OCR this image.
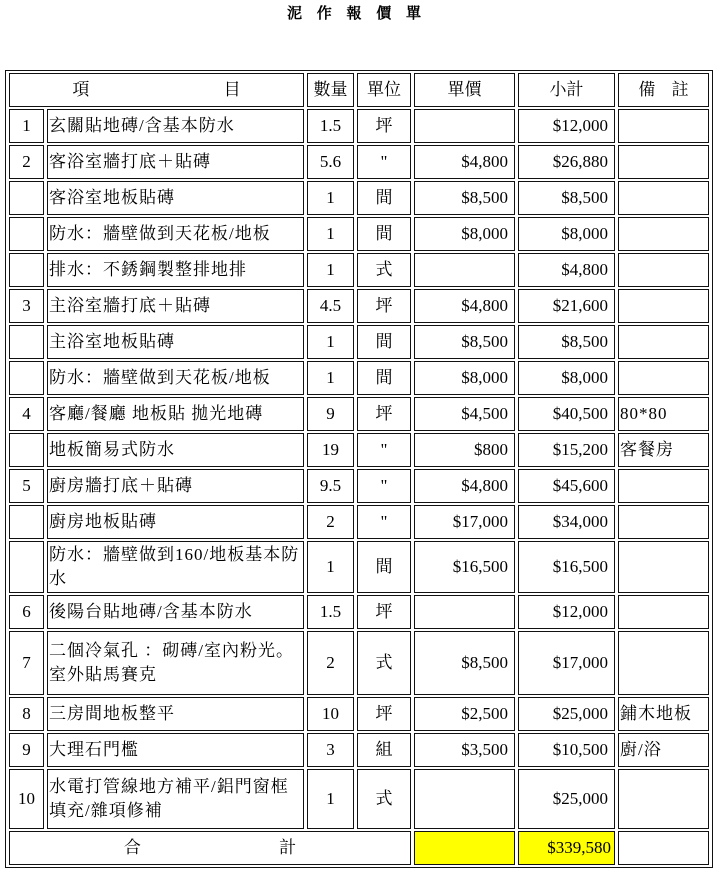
泥 作 報 價 單
項 目		數量	單位	單價	小計	備 註
1	玄關貼地磚/含基本防水	1.5	坪		$12,000	
2	客浴室牆打底＋貼磚	5.6	"	$4,800	$26,880	
	客浴室地板貼磚	1	間	$8,500	$8,500	
	防水：牆壁做到天花板/地板	1	間	$8,000	$8,000	
	排水：不銹鋼製整排地排	1	式		$4,800	
3	主浴室牆打底＋貼磚	4.5	坪	$4,800	$21,600	
	主浴室地板貼磚	1	間	$8,500	$8,500	
	防水：牆壁做到天花板/地板	1	間	$8,000	$8,000	
4	客廳/餐廳 地板貼 拋光地磚	9	坪	$4,500	$40,500	80*80
	地板簡易式防水	19	"	$800	$15,200	客餐房
5	廚房牆打底＋貼磚	9.5	"	$4,800	$45,600	
	廚房地板貼磚	2	"	$17,000	$34,000	
	防水：牆壁做到160/地板基本防水	1	間	$16,500	$16,500	
6	後陽台貼地磚/含基本防水	1.5	坪		$12,000	
7	二個冷氣孔 ：砌磚/室內粉光。室外貼馬賽克	2	式	$8,500	$17,000	
8	三房間地板整平	10	坪	$2,500	$25,000	鋪木地板
9	大理石門檻	3	組	$3,500	$10,500	廚/浴
10	水電打管線地方補平/鋁門窗框填充/雜項修補	1	式		$25,000	
合 計					$339,580	
